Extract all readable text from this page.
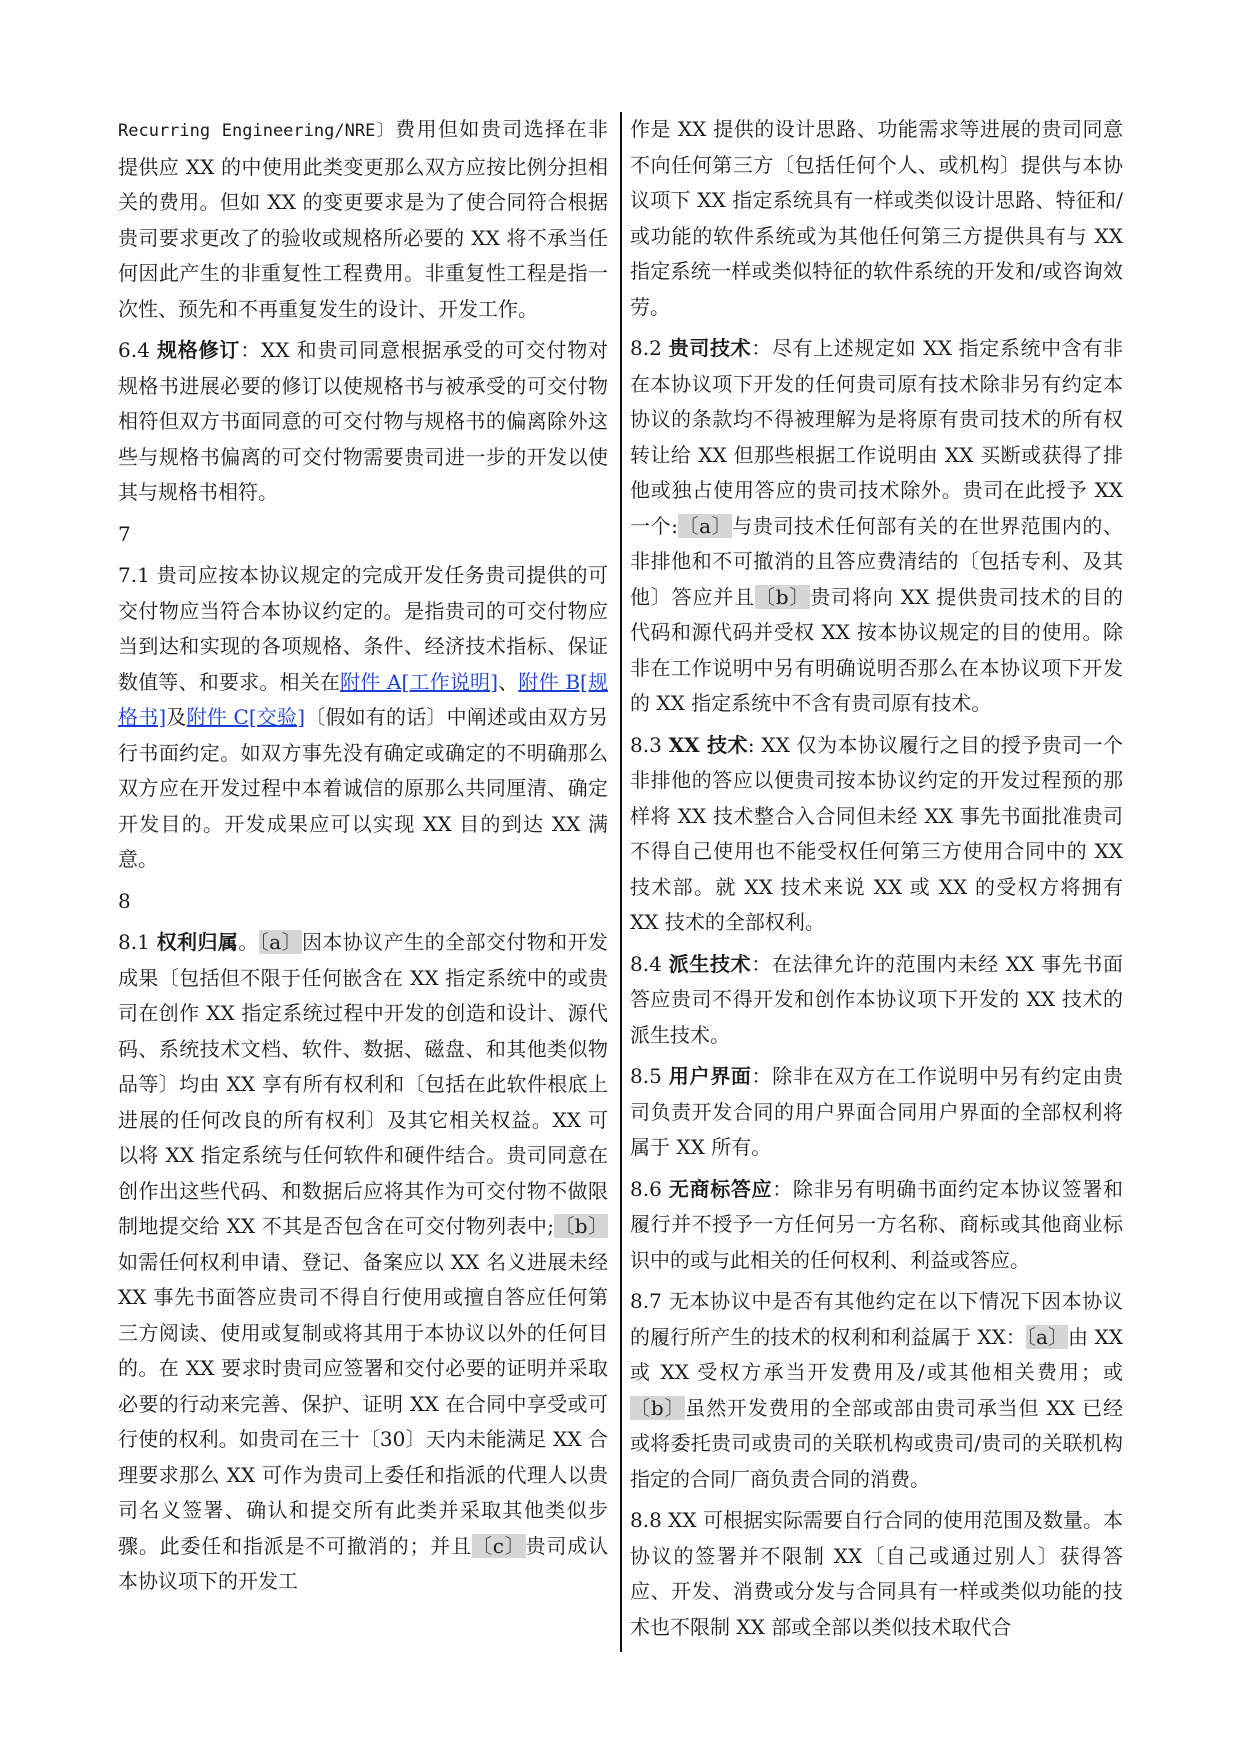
Recurring Engineering/NRE〕费用但如贵司选择在非提供应 XX 的中使用此类变更那么双方应按比例分担相关的费用。但如 XX 的变更要求是为了使合同符合根据贵司要求更改了的验收或规格所必要的 XX 将不承当任何因此产生的非重复性工程费用。非重复性工程是指一次性、预先和不再重复发生的设计、开发工作。

6.4 规格修订：XX 和贵司同意根据承受的可交付物对规格书进展必要的修订以使规格书与被承受的可交付物相符但双方书面同意的可交付物与规格书的偏离除外这些与规格书偏离的可交付物需要贵司进一步的开发以使其与规格书相符。

7

7.1 贵司应按本协议规定的完成开发任务贵司提供的可交付物应当符合本协议约定的。是指贵司的可交付物应当到达和实现的各项规格、条件、经济技术指标、保证数值等、和要求。相关在附件 A[工作说明]、附件 B[规格书]及附件 C[交验]〔假如有的话〕中阐述或由双方另行书面约定。如双方事先没有确定或确定的不明确那么双方应在开发过程中本着诚信的原那么共同厘清、确定开发目的。开发成果应可以实现 XX 目的到达 XX 满意。

8

8.1 权利归属。〔a〕因本协议产生的全部交付物和开发成果〔包括但不限于任何嵌含在 XX 指定系统中的或贵司在创作 XX 指定系统过程中开发的创造和设计、源代码、系统技术文档、软件、数据、磁盘、和其他类似物品等〕均由 XX 享有所有权利和〔包括在此软件根底上进展的任何改良的所有权利〕及其它相关权益。XX 可以将 XX 指定系统与任何软件和硬件结合。贵司同意在创作出这些代码、和数据后应将其作为可交付物不做限制地提交给 XX 不其是否包含在可交付物列表中;〔b〕如需任何权利申请、登记、备案应以 XX 名义进展未经 XX 事先书面答应贵司不得自行使用或擅自答应任何第三方阅读、使用或复制或将其用于本协议以外的任何目的。在 XX 要求时贵司应签署和交付必要的证明并采取必要的行动来完善、保护、证明 XX 在合同中享受或可行使的权利。如贵司在三十〔30〕天内未能满足 XX 合理要求那么 XX 可作为贵司上委任和指派的代理人以贵司名义签署、确认和提交所有此类并采取其他类似步骤。此委任和指派是不可撤消的；并且〔c〕贵司成认本协议项下的开发工

作是 XX 提供的设计思路、功能需求等进展的贵司同意不向任何第三方〔包括任何个人、或机构〕提供与本协议项下 XX 指定系统具有一样或类似设计思路、特征和/或功能的软件系统或为其他任何第三方提供具有与 XX 指定系统一样或类似特征的软件系统的开发和/或咨询效劳。

8.2 贵司技术：尽有上述规定如 XX 指定系统中含有非在本协议项下开发的任何贵司原有技术除非另有约定本协议的条款均不得被理解为是将原有贵司技术的所有权转让给 XX 但那些根据工作说明由 XX 买断或获得了排他或独占使用答应的贵司技术除外。贵司在此授予 XX 一个:〔a〕与贵司技术任何部有关的在世界范围内的、非排他和不可撤消的且答应费清结的〔包括专利、及其他〕答应并且〔b〕贵司将向 XX 提供贵司技术的目的代码和源代码并受权 XX 按本协议规定的目的使用。除非在工作说明中另有明确说明否那么在本协议项下开发的 XX 指定系统中不含有贵司原有技术。

8.3 XX 技术: XX 仅为本协议履行之目的授予贵司一个非排他的答应以便贵司按本协议约定的开发过程预的那样将 XX 技术整合入合同但未经 XX 事先书面批准贵司不得自己使用也不能受权任何第三方使用合同中的 XX 技术部。就 XX 技术来说 XX 或 XX 的受权方将拥有 XX 技术的全部权利。

8.4 派生技术：在法律允许的范围内未经 XX 事先书面答应贵司不得开发和创作本协议项下开发的 XX 技术的派生技术。

8.5 用户界面：除非在双方在工作说明中另有约定由贵司负责开发合同的用户界面合同用户界面的全部权利将属于 XX 所有。

8.6 无商标答应：除非另有明确书面约定本协议签署和履行并不授予一方任何另一方名称、商标或其他商业标识中的或与此相关的任何权利、利益或答应。

8.7 无本协议中是否有其他约定在以下情况下因本协议的履行所产生的技术的权利和利益属于 XX：〔a〕由 XX 或 XX 受权方承当开发费用及/或其他相关费用；或〔b〕虽然开发费用的全部或部由贵司承当但 XX 已经或将委托贵司或贵司的关联机构或贵司/贵司的关联机构指定的合同厂商负责合同的消费。

8.8 XX 可根据实际需要自行合同的使用范围及数量。本协议的签署并不限制 XX〔自己或通过别人〕获得答应、开发、消费或分发与合同具有一样或类似功能的技术也不限制 XX 部或全部以类似技术取代合
